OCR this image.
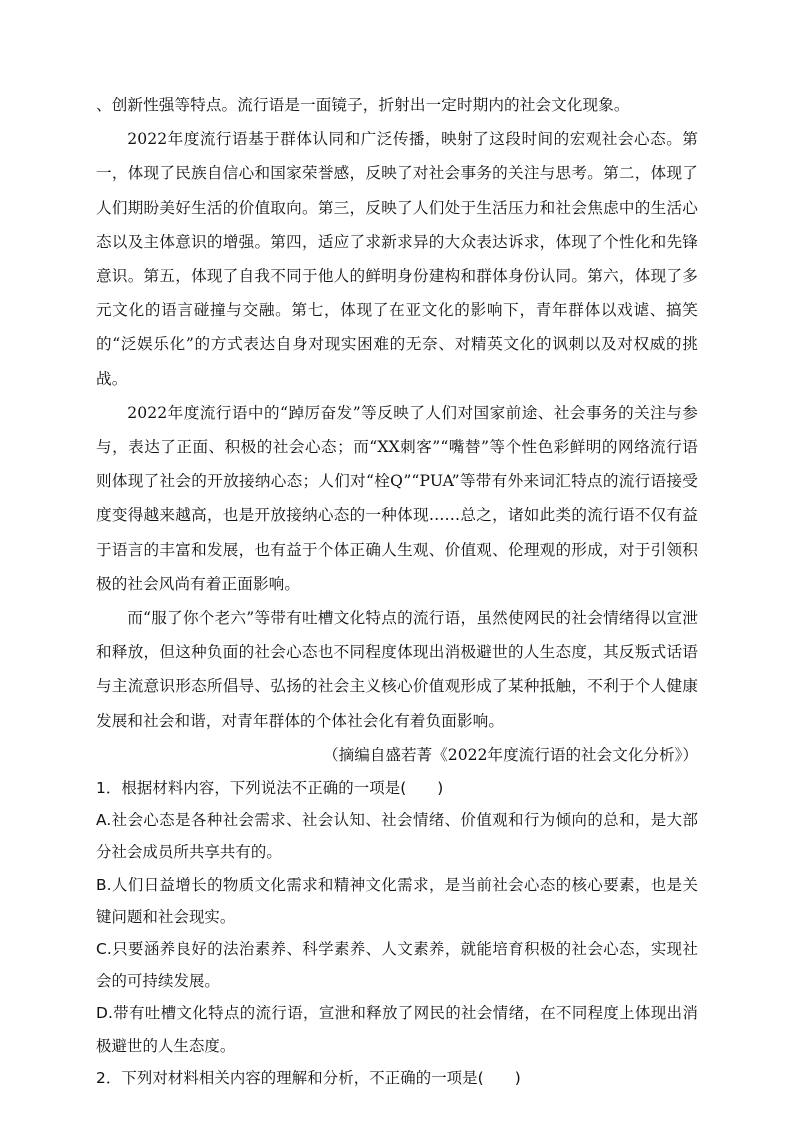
、创新性强等特点。流行语是一面镜子，折射出一定时期内的社会文化现象。

2022年度流行语基于群体认同和广泛传播，映射了这段时间的宏观社会心态。第一，体现了民族自信心和国家荣誉感，反映了对社会事务的关注与思考。第二，体现了人们期盼美好生活的价值取向。第三，反映了人们处于生活压力和社会焦虑中的生活心态以及主体意识的增强。第四，适应了求新求异的大众表达诉求，体现了个性化和先锋意识。第五，体现了自我不同于他人的鲜明身份建构和群体身份认同。第六，体现了多元文化的语言碰撞与交融。第七，体现了在亚文化的影响下，青年群体以戏谑、搞笑的“泛娱乐化”的方式表达自身对现实困难的无奈、对精英文化的讽刺以及对权威的挑战。

2022年度流行语中的“踔厉奋发”等反映了人们对国家前途、社会事务的关注与参与，表达了正面、积极的社会心态；而“XX刺客”“嘴替”等个性色彩鲜明的网络流行语则体现了社会的开放接纳心态；人们对“栓Q”“PUA”等带有外来词汇特点的流行语接受度变得越来越高，也是开放接纳心态的一种体现……总之，诸如此类的流行语不仅有益于语言的丰富和发展，也有益于个体正确人生观、价值观、伦理观的形成，对于引领积极的社会风尚有着正面影响。

而“服了你个老六”等带有吐槽文化特点的流行语，虽然使网民的社会情绪得以宣泄和释放，但这种负面的社会心态也不同程度体现出消极避世的人生态度，其反叛式话语与主流意识形态所倡导、弘扬的社会主义核心价值观形成了某种抵触，不利于个人健康发展和社会和谐，对青年群体的个体社会化有着负面影响。

（摘编自盛若菁《2022年度流行语的社会文化分析》）

1．根据材料内容，下列说法不正确的一项是(　　)

A.社会心态是各种社会需求、社会认知、社会情绪、价值观和行为倾向的总和，是大部分社会成员所共享共有的。

B.人们日益增长的物质文化需求和精神文化需求，是当前社会心态的核心要素，也是关键问题和社会现实。

C.只要涵养良好的法治素养、科学素养、人文素养，就能培育积极的社会心态，实现社会的可持续发展。

D.带有吐槽文化特点的流行语，宣泄和释放了网民的社会情绪，在不同程度上体现出消极避世的人生态度。

2．下列对材料相关内容的理解和分析，不正确的一项是(　　)
